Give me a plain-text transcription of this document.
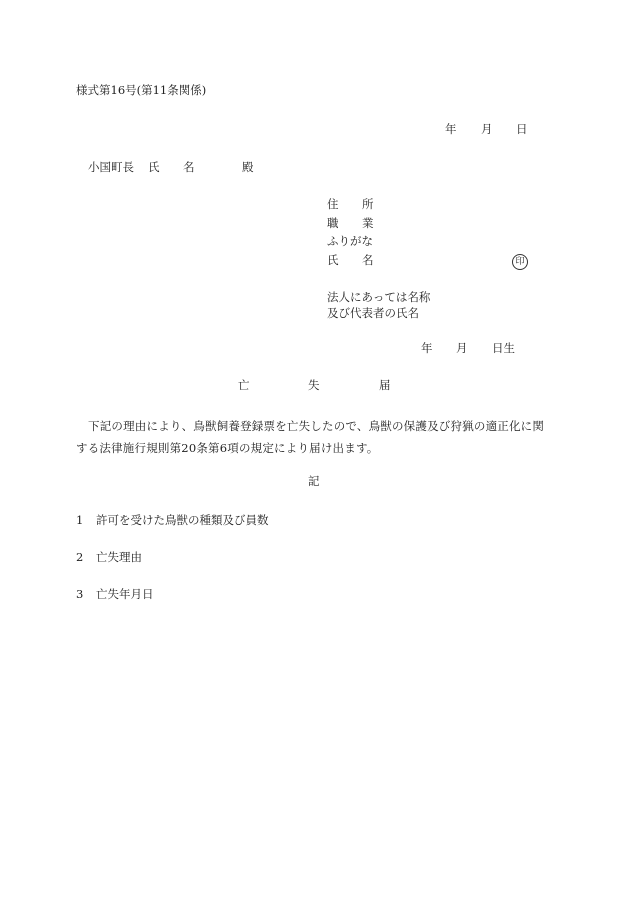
様式第16号(第11条関係)
年 月 日
小国町長 氏 名	殿
住 所
職 業
ふりがな
氏 名	印
法人にあっては名称
及び代表者の氏名
年 月 日生
亡	失	届
下記の理由により、鳥獣飼養登録票を亡失したので、鳥獣の保護及び狩猟の適正化に関
する法律施行規則第20条第6項の規定により届け出ます。
記
1 許可を受けた鳥獣の種類及び員数
2 亡失理由
3 亡失年月日
